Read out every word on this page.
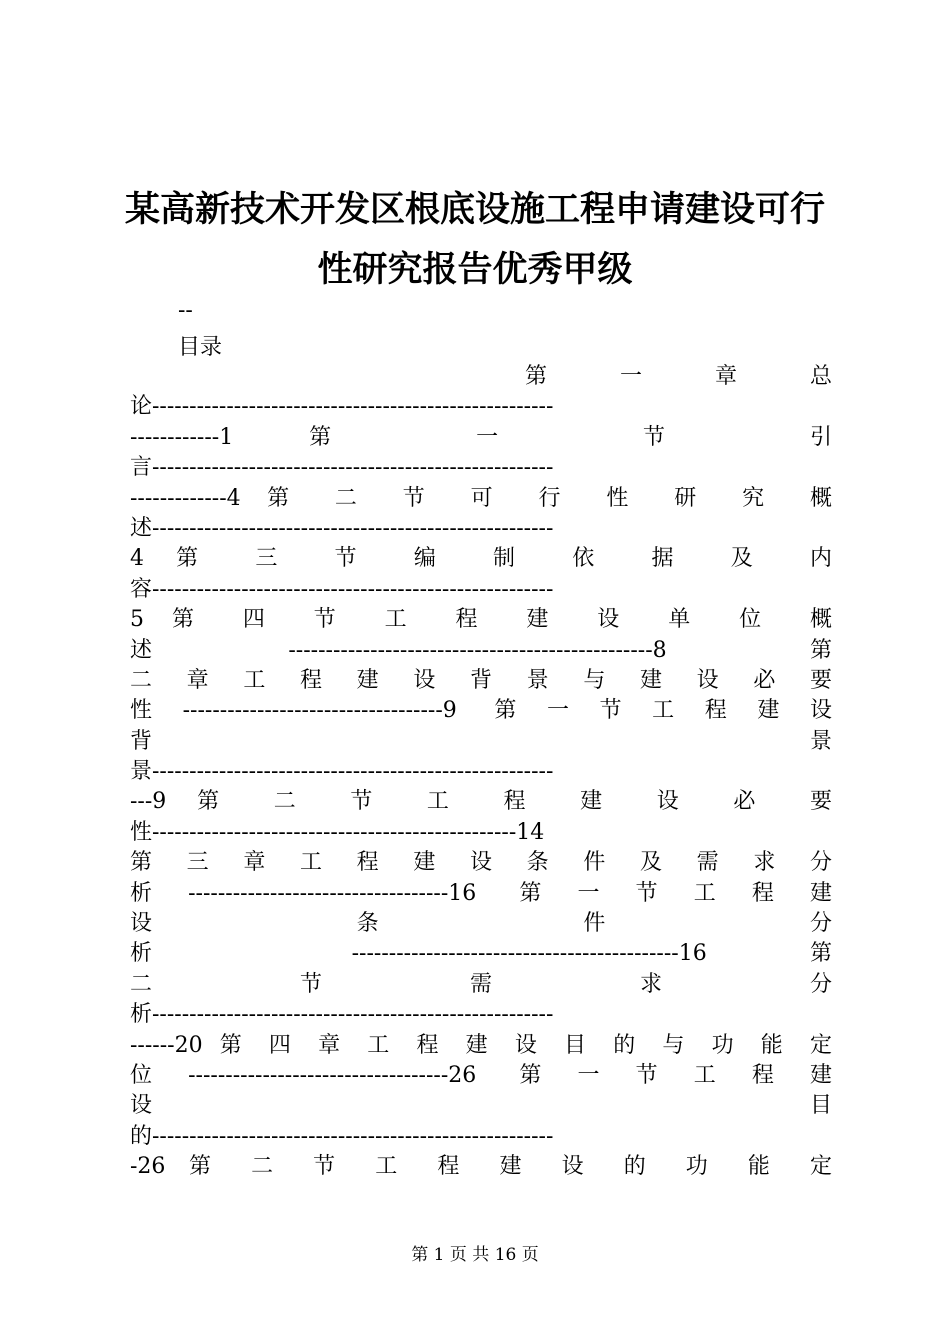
某高新技术开发区根底设施工程申请建设可行
性研究报告优秀甲级
--
目录
第 一 章 总
论------------------------------------------------------
------------1 第 一 节 引
言------------------------------------------------------
-------------4 第 二 节 可 行 性 研 究 概
述------------------------------------------------------
4 第 三 节 编 制 依 据 及 内
容------------------------------------------------------
5 第 四 节 工 程 建 设 单 位 概
述-------------------------------------------------8 第
二 章 工 程 建 设 背 景 与 建 设 必 要
性-----------------------------------9 第一节工程建设
背 景
景------------------------------------------------------
---9 第 二 节 工 程 建 设 必 要
性-------------------------------------------------14
第 三 章 工 程 建 设 条 件 及 需 求 分
析-----------------------------------16 第一节工程建
设 条 件 分
析 --------------------------------------------16 第
二 节 需 求 分
析------------------------------------------------------
------20 第 四 章 工 程 建 设 目 的 与 功 能 定
位-----------------------------------26 第一节工程建
设 目
的------------------------------------------------------
-26 第 二 节 工 程 建 设 的 功 能 定
第 1 页 共 16 页
